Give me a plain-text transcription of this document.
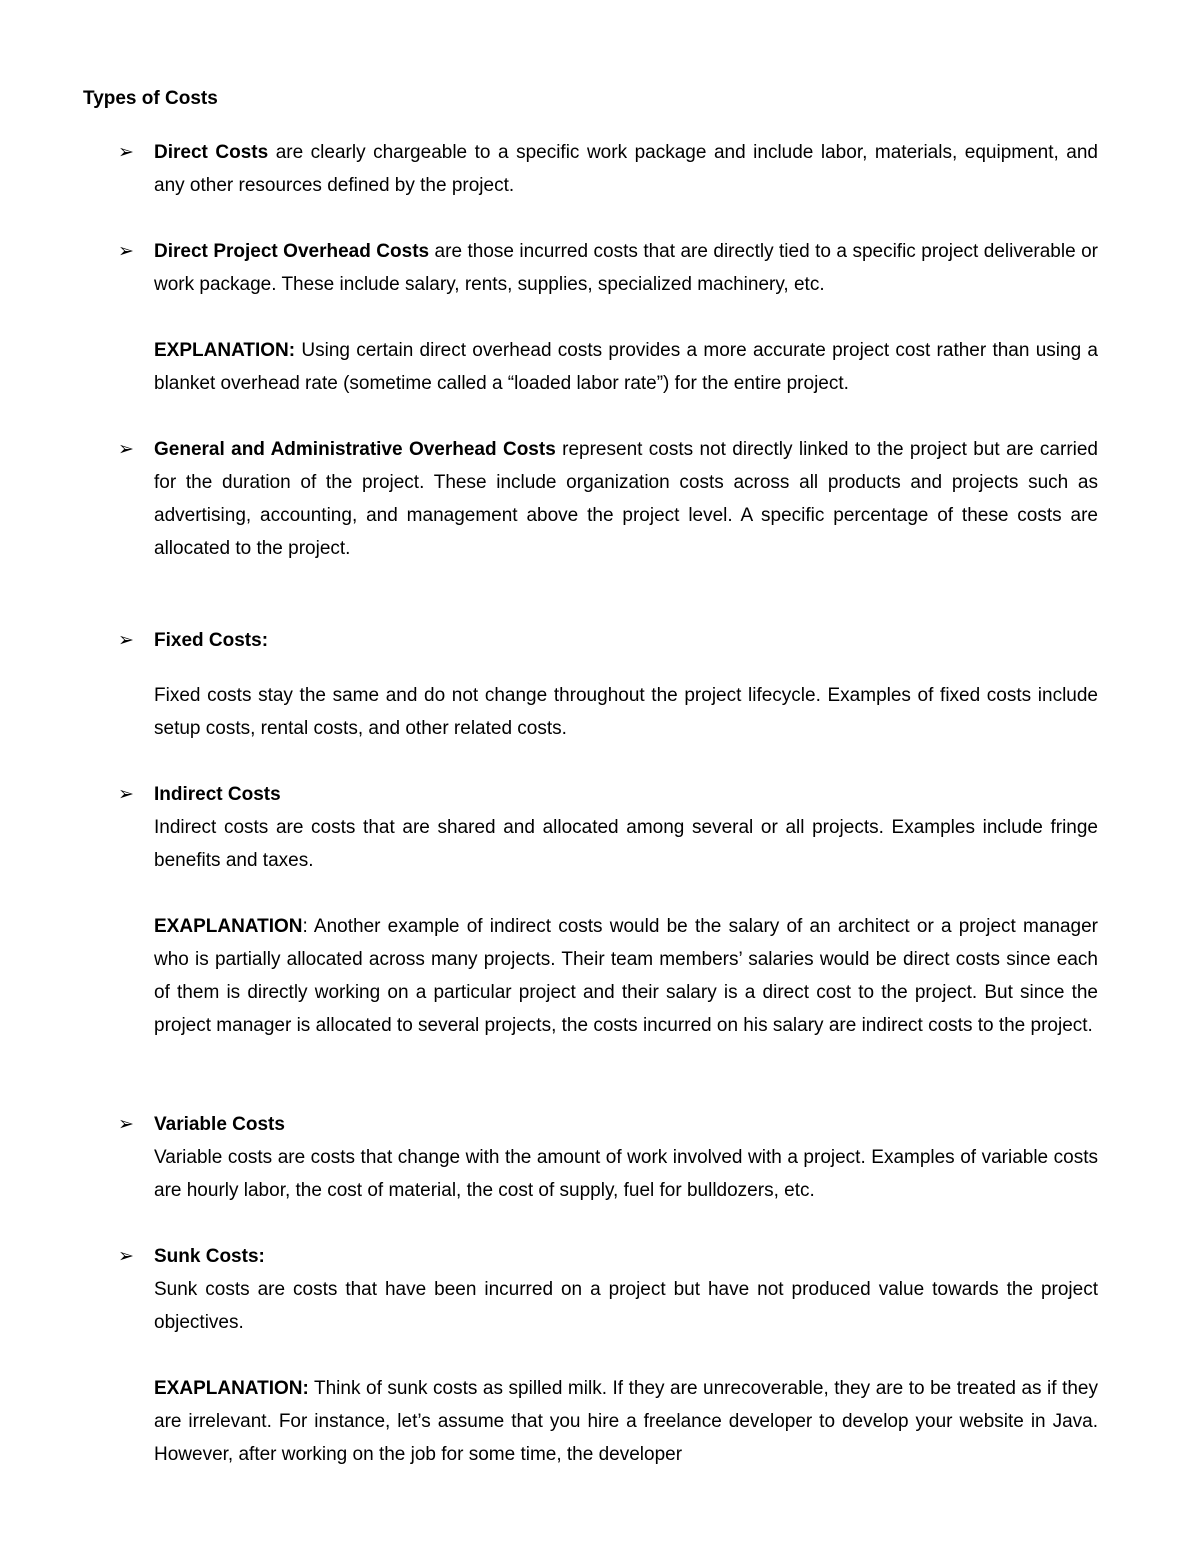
Types of Costs
➢ Direct Costs are clearly chargeable to a specific work package and include labor, materials, equipment, and any other resources defined by the project.

➢ Direct Project Overhead Costs are those incurred costs that are directly tied to a specific project deliverable or work package. These include salary, rents, supplies, specialized machinery, etc.

EXPLANATION: Using certain direct overhead costs provides a more accurate project cost rather than using a blanket overhead rate (sometime called a “loaded labor rate”) for the entire project.

➢ General and Administrative Overhead Costs represent costs not directly linked to the project but are carried for the duration of the project. These include organization costs across all products and projects such as advertising, accounting, and management above the project level. A specific percentage of these costs are allocated to the project.

➢ Fixed Costs:

Fixed costs stay the same and do not change throughout the project lifecycle. Examples of fixed costs include setup costs, rental costs, and other related costs.

➢ Indirect Costs

Indirect costs are costs that are shared and allocated among several or all projects. Examples include fringe benefits and taxes.

EXAPLANATION: Another example of indirect costs would be the salary of an architect or a project manager who is partially allocated across many projects. Their team members’ salaries would be direct costs since each of them is directly working on a particular project and their salary is a direct cost to the project. But since the project manager is allocated to several projects, the costs incurred on his salary are indirect costs to the project.

➢ Variable Costs

Variable costs are costs that change with the amount of work involved with a project. Examples of variable costs are hourly labor, the cost of material, the cost of supply, fuel for bulldozers, etc.

➢ Sunk Costs:

Sunk costs are costs that have been incurred on a project but have not produced value towards the project objectives.

EXAPLANATION: Think of sunk costs as spilled milk. If they are unrecoverable, they are to be treated as if they are irrelevant. For instance, let’s assume that you hire a freelance developer to develop your website in Java. However, after working on the job for some time, the developer
